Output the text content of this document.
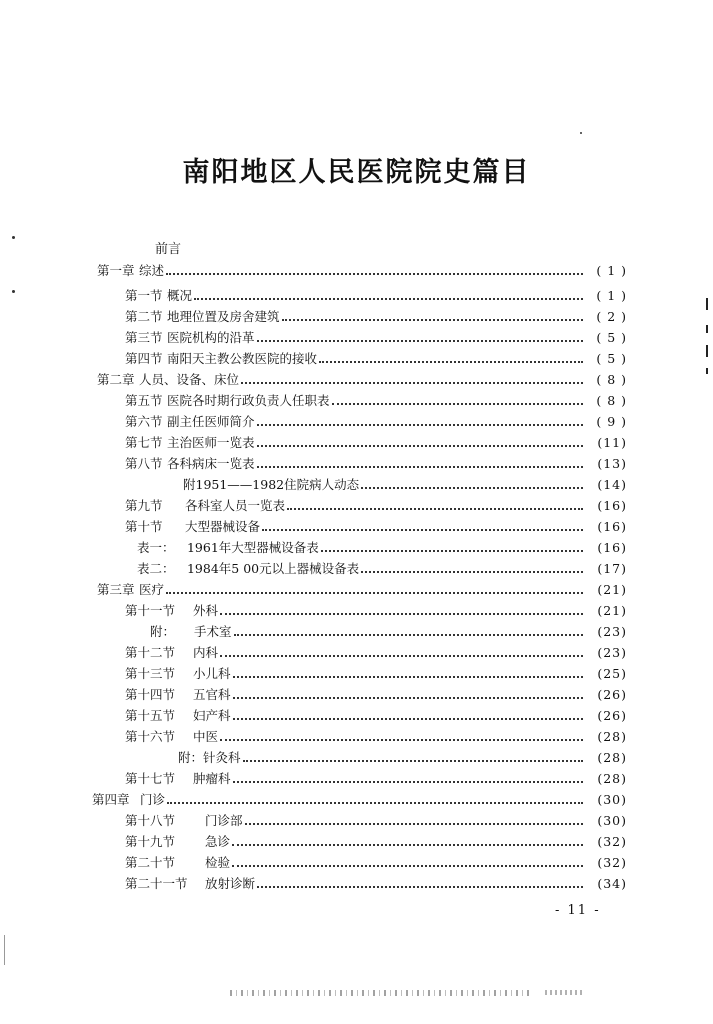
南阳地区人民医院院史篇目
前言
第一章 综述	( 1 )
第一节 概况	( 1 )
第二节 地理位置及房舍建筑	( 2 )
第三节 医院机构的沿革	( 5 )
第四节 南阳天主教公教医院的接收	( 5 )
第二章 人员、设备、床位	( 8 )
第五节 医院各时期行政负责人任职表	( 8 )
第六节 副主任医师简介	( 9 )
第七节 主治医师一览表	(11)
第八节 各科病床一览表	(13)
附1951——1982住院病人动态	(14)
第九节 各科室人员一览表	(16)
第十节 大型器械设备	(16)
表一： 1961年大型器械设备表	(16)
表二： 1984年5 00元以上器械设备表	(17)
第三章 医疗	(21)
第十一节 外科	(21)
附： 手术室	(23)
第十二节 内科	(23)
第十三节 小儿科	(25)
第十四节 五官科	(26)
第十五节 妇产科	(26)
第十六节 中医	(28)
附：针灸科	(28)
第十七节 肿瘤科	(28)
第四章 门诊	(30)
第十八节 门诊部	(30)
第十九节 急诊	(32)
第二十节 检验	(32)
第二十一节 放射诊断	(34)
- 11 -
